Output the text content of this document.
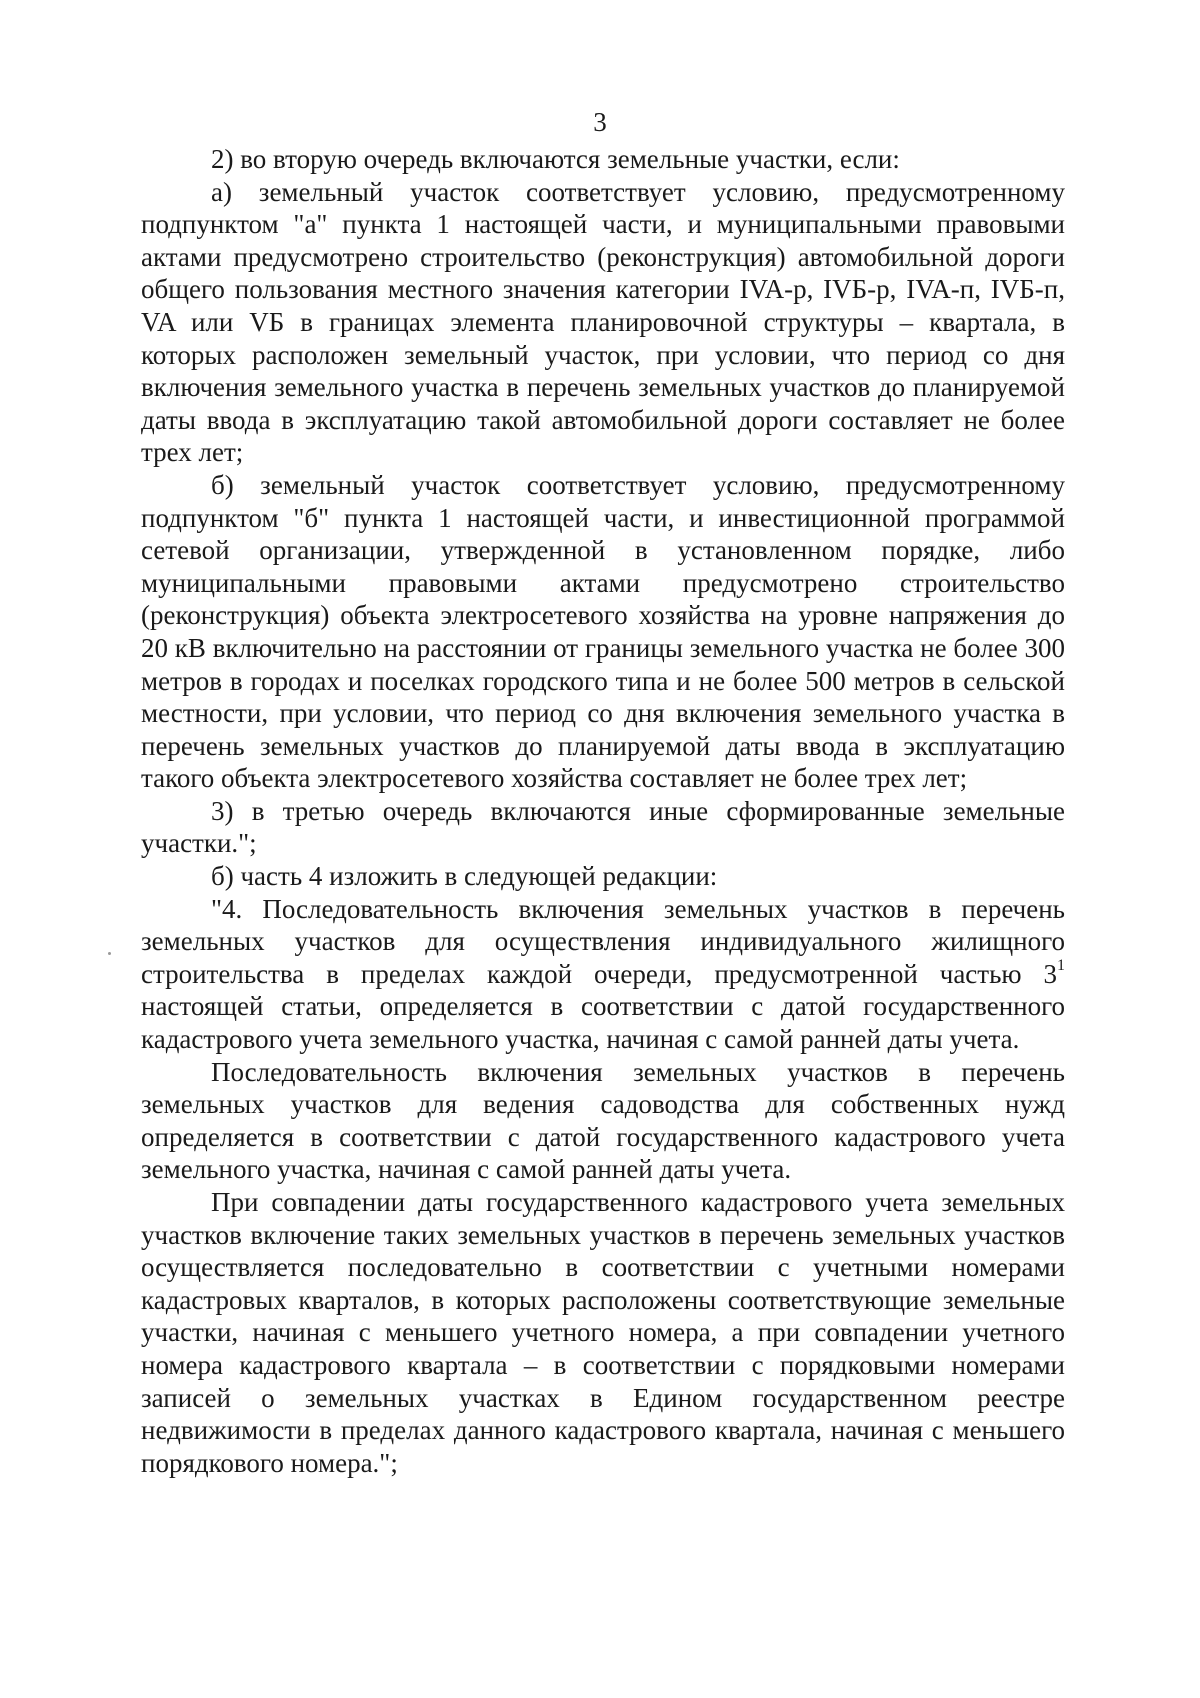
3

2) во вторую очередь включаются земельные участки, если:

а) земельный участок соответствует условию, предусмотренному подпунктом "а" пункта 1 настоящей части, и муниципальными правовыми актами предусмотрено строительство (реконструкция) автомобильной дороги общего пользования местного значения категории IVA-р, IVБ-р, IVA-п, IVБ-п, VA или VБ в границах элемента планировочной структуры – квартала, в которых расположен земельный участок, при условии, что период со дня включения земельного участка в перечень земельных участков до планируемой даты ввода в эксплуатацию такой автомобильной дороги составляет не более трех лет;

б) земельный участок соответствует условию, предусмотренному подпунктом "б" пункта 1 настоящей части, и инвестиционной программой сетевой организации, утвержденной в установленном порядке, либо муниципальными правовыми актами предусмотрено строительство (реконструкция) объекта электросетевого хозяйства на уровне напряжения до 20 кВ включительно на расстоянии от границы земельного участка не более 300 метров в городах и поселках городского типа и не более 500 метров в сельской местности, при условии, что период со дня включения земельного участка в перечень земельных участков до планируемой даты ввода в эксплуатацию такого объекта электросетевого хозяйства составляет не более трех лет;

3) в третью очередь включаются иные сформированные земельные участки.";

б) часть 4 изложить в следующей редакции:

"4. Последовательность включения земельных участков в перечень земельных участков для осуществления индивидуального жилищного строительства в пределах каждой очереди, предусмотренной частью $3^1$ настоящей статьи, определяется в соответствии с датой государственного кадастрового учета земельного участка, начиная с самой ранней даты учета.

Последовательность включения земельных участков в перечень земельных участков для ведения садоводства для собственных нужд определяется в соответствии с датой государственного кадастрового учета земельного участка, начиная с самой ранней даты учета.

При совпадении даты государственного кадастрового учета земельных участков включение таких земельных участков в перечень земельных участков осуществляется последовательно в соответствии с учетными номерами кадастровых кварталов, в которых расположены соответствующие земельные участки, начиная с меньшего учетного номера, а при совпадении учетного номера кадастрового квартала – в соответствии с порядковыми номерами записей о земельных участках в Едином государственном реестре недвижимости в пределах данного кадастрового квартала, начиная с меньшего порядкового номера.";
